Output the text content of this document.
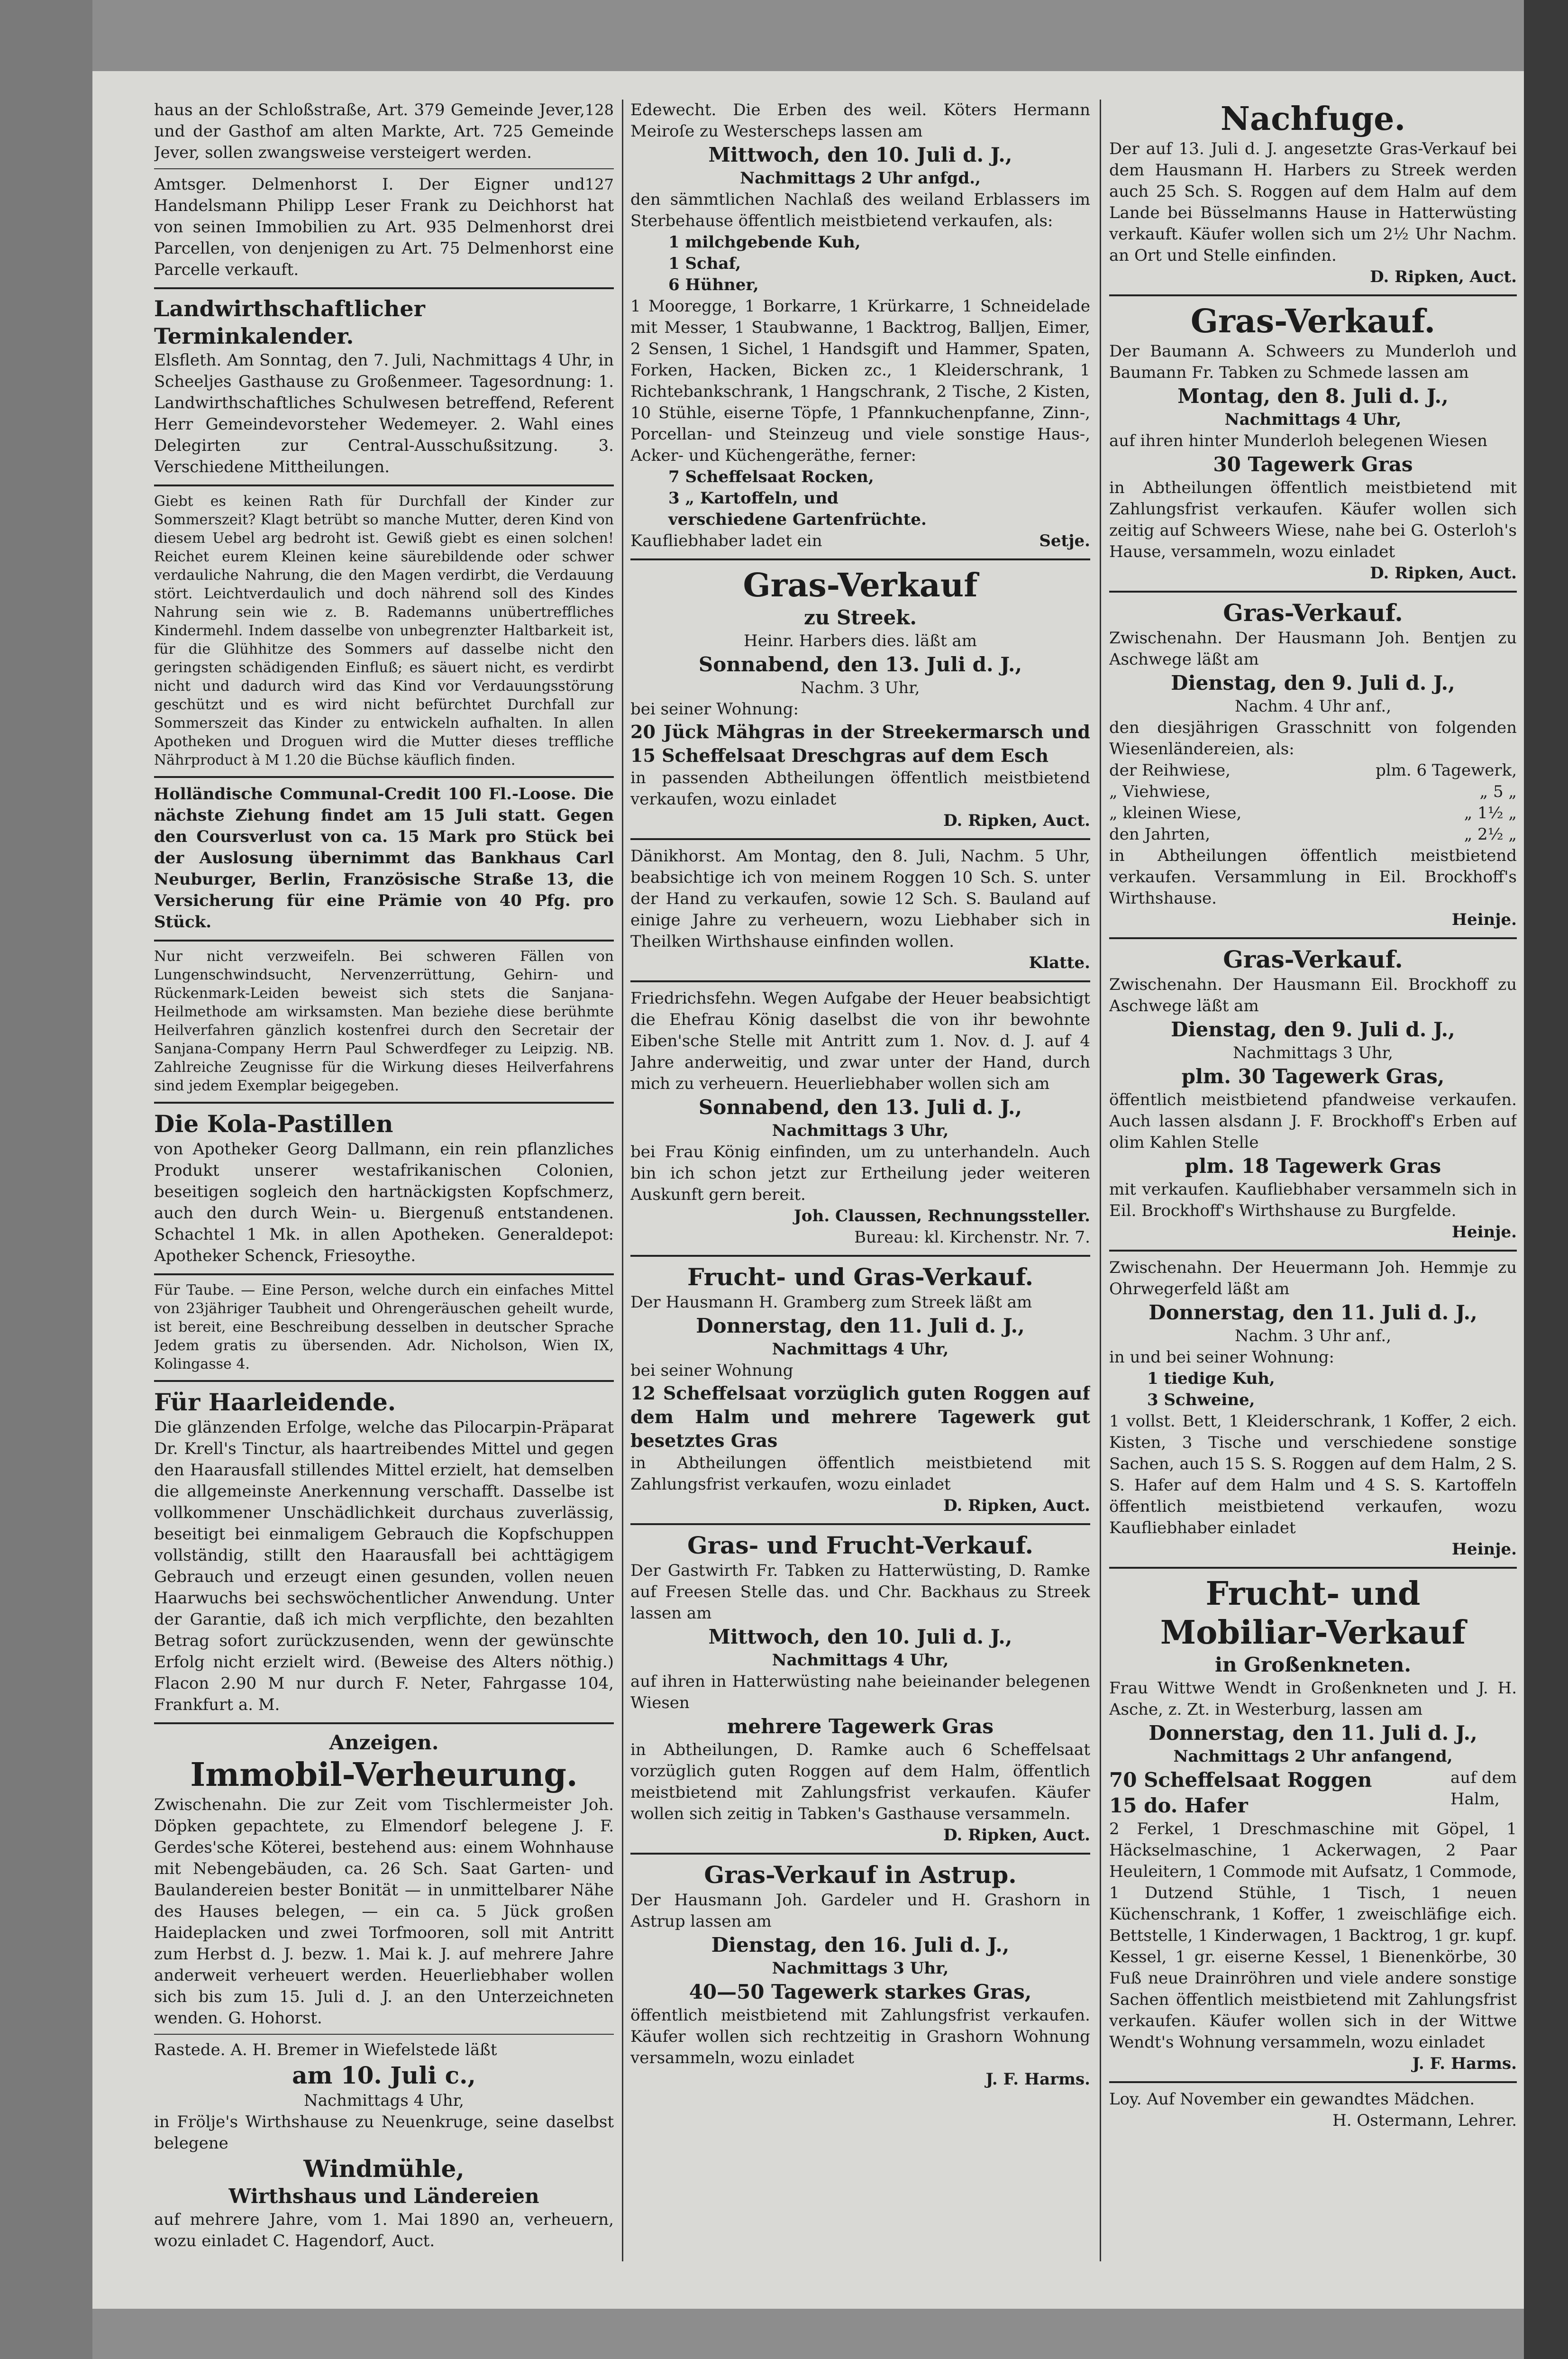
128
haus an der Schloßstraße, Art. 379 Gemeinde Jever, und der Gasthof am alten Markte, Art. 725 Gemeinde Jever, sollen zwangsweise versteigert werden.

127
Amtsger. Delmenhorst I. Der Eigner und Handelsmann Philipp Leser Frank zu Deichhorst hat von seinen Immobilien zu Art. 935 Delmenhorst drei Parcellen, von denjenigen zu Art. 75 Delmenhorst eine Parcelle verkauft.

Landwirthschaftlicher Terminkalender.

Elsfleth. Am Sonntag, den 7. Juli, Nachmittags 4 Uhr, in Scheeljes Gasthause zu Großenmeer. Tagesordnung: 1. Landwirthschaftliches Schulwesen betreffend, Referent Herr Gemeindevorsteher Wedemeyer. 2. Wahl eines Delegirten zur Central-Ausschußsitzung. 3. Verschiedene Mittheilungen.

Giebt es keinen Rath für Durchfall der Kinder zur Sommerszeit? Klagt betrübt so manche Mutter, deren Kind von diesem Uebel arg bedroht ist. Gewiß giebt es einen solchen! Reichet eurem Kleinen keine säurebildende oder schwer verdauliche Nahrung, die den Magen verdirbt, die Verdauung stört. Leichtverdaulich und doch nährend soll des Kindes Nahrung sein wie z. B. Rademanns unübertreffliches Kindermehl. Indem dasselbe von unbegrenzter Haltbarkeit ist, für die Glühhitze des Sommers auf dasselbe nicht den geringsten schädigenden Einfluß; es säuert nicht, es verdirbt nicht und dadurch wird das Kind vor Verdauungsstörung geschützt und es wird nicht befürchtet Durchfall zur Sommerszeit das Kinder zu entwickeln aufhalten. In allen Apotheken und Droguen wird die Mutter dieses treffliche Nährproduct à M 1.20 die Büchse käuflich finden.

Holländische Communal-Credit 100 Fl.-Loose. Die nächste Ziehung findet am 15 Juli statt. Gegen den Coursverlust von ca. 15 Mark pro Stück bei der Auslosung übernimmt das Bankhaus Carl Neuburger, Berlin, Französische Straße 13, die Versicherung für eine Prämie von 40 Pfg. pro Stück.

Nur nicht verzweifeln. Bei schweren Fällen von Lungenschwindsucht, Nervenzerrüttung, Gehirn- und Rückenmark-Leiden beweist sich stets die Sanjana-Heilmethode am wirksamsten. Man beziehe diese berühmte Heilverfahren gänzlich kostenfrei durch den Secretair der Sanjana-Company Herrn Paul Schwerdfeger zu Leipzig. NB. Zahlreiche Zeugnisse für die Wirkung dieses Heilverfahrens sind jedem Exemplar beigegeben.

Die Kola-Pastillen

von Apotheker Georg Dallmann, ein rein pflanzliches Produkt unserer westafrikanischen Colonien, beseitigen sogleich den hartnäckigsten Kopfschmerz, auch den durch Wein- u. Biergenuß entstandenen. Schachtel 1 Mk. in allen Apotheken. Generaldepot: Apotheker Schenck, Friesoythe.

Für Taube. — Eine Person, welche durch ein einfaches Mittel von 23jähriger Taubheit und Ohrengeräuschen geheilt wurde, ist bereit, eine Beschreibung desselben in deutscher Sprache Jedem gratis zu übersenden. Adr. Nicholson, Wien IX, Kolingasse 4.

Für Haarleidende.

Die glänzenden Erfolge, welche das Pilocarpin-Präparat Dr. Krell's Tinctur, als haartreibendes Mittel und gegen den Haarausfall stillendes Mittel erzielt, hat demselben die allgemeinste Anerkennung verschafft. Dasselbe ist vollkommener Unschädlichkeit durchaus zuverlässig, beseitigt bei einmaligem Gebrauch die Kopfschuppen vollständig, stillt den Haarausfall bei achttägigem Gebrauch und erzeugt einen gesunden, vollen neuen Haarwuchs bei sechswöchentlicher Anwendung. Unter der Garantie, daß ich mich verpflichte, den bezahlten Betrag sofort zurückzusenden, wenn der gewünschte Erfolg nicht erzielt wird. (Beweise des Alters nöthig.) Flacon 2.90 M nur durch F. Neter, Fahrgasse 104, Frankfurt a. M.

Anzeigen.

Immobil-Verheurung.

Zwischenahn. Die zur Zeit vom Tischlermeister Joh. Döpken gepachtete, zu Elmendorf belegene J. F. Gerdes'sche Köterei, bestehend aus: einem Wohnhause mit Nebengebäuden, ca. 26 Sch. Saat Garten- und Baulandereien bester Bonität — in unmittelbarer Nähe des Hauses belegen, — ein ca. 5 Jück großen Haideplacken und zwei Torfmooren, soll mit Antritt zum Herbst d. J. bezw. 1. Mai k. J. auf mehrere Jahre anderweit verheuert werden. Heuerliebhaber wollen sich bis zum 15. Juli d. J. an den Unterzeichneten wenden. G. Hohorst.

Rastede. A. H. Bremer in Wiefelstede läßt

am 10. Juli c.,

Nachmittags 4 Uhr,

in Frölje's Wirthshause zu Neuenkruge, seine daselbst belegene

Windmühle,

Wirthshaus und Ländereien

auf mehrere Jahre, vom 1. Mai 1890 an, verheuern, wozu einladet C. Hagendorf, Auct.

Edewecht. Die Erben des weil. Köters Hermann Meiroſe zu Westerscheps lassen am

Mittwoch, den 10. Juli d. J.,

Nachmittags 2 Uhr anfgd.,

den sämmtlichen Nachlaß des weiland Erblassers im Sterbehause öffentlich meistbietend verkaufen, als:

1 milchgebende Kuh,

1 Schaf,

6 Hühner,

1 Mooregge, 1 Borkarre, 1 Krürkarre, 1 Schneidelade mit Messer, 1 Staubwanne, 1 Backtrog, Balljen, Eimer, 2 Sensen, 1 Sichel, 1 Handsgift und Hammer, Spaten, Forken, Hacken, Bicken zc., 1 Kleiderschrank, 1 Richtebankschrank, 1 Hangschrank, 2 Tische, 2 Kisten, 10 Stühle, eiserne Töpfe, 1 Pfannkuchenpfanne, Zinn-, Porcellan- und Steinzeug und viele sonstige Haus-, Acker- und Küchengeräthe, ferner:

7 Scheffelsaat Rocken,

3 „ Kartoffeln, und

verschiedene Gartenfrüchte.

Kaufliebhaber ladet ein	Setje.

Gras-Verkauf

zu Streek.

Heinr. Harbers dies. läßt am

Sonnabend, den 13. Juli d. J.,

Nachm. 3 Uhr,

bei seiner Wohnung:

20 Jück Mähgras in der Streekermarsch und 15 Scheffelsaat Dreschgras auf dem Esch

in passenden Abtheilungen öffentlich meistbietend verkaufen, wozu einladet

D. Ripken, Auct.

Dänikhorst. Am Montag, den 8. Juli, Nachm. 5 Uhr, beabsichtige ich von meinem Roggen 10 Sch. S. unter der Hand zu verkaufen, sowie 12 Sch. S. Bauland auf einige Jahre zu verheuern, wozu Liebhaber sich in Theilken Wirthshause einfinden wollen.

Klatte.

Friedrichsfehn. Wegen Aufgabe der Heuer beabsichtigt die Ehefrau König daselbst die von ihr bewohnte Eiben'sche Stelle mit Antritt zum 1. Nov. d. J. auf 4 Jahre anderweitig, und zwar unter der Hand, durch mich zu verheuern. Heuerliebhaber wollen sich am

Sonnabend, den 13. Juli d. J.,

Nachmittags 3 Uhr,

bei Frau König einfinden, um zu unterhandeln. Auch bin ich schon jetzt zur Ertheilung jeder weiteren Auskunft gern bereit.

Joh. Claussen, Rechnungssteller.

Bureau: kl. Kirchenstr. Nr. 7.

Frucht- und Gras-Verkauf.

Der Hausmann H. Gramberg zum Streek läßt am

Donnerstag, den 11. Juli d. J.,

Nachmittags 4 Uhr,

bei seiner Wohnung

12 Scheffelsaat vorzüglich guten Roggen auf dem Halm und mehrere Tagewerk gut besetztes Gras

in Abtheilungen öffentlich meistbietend mit Zahlungsfrist verkaufen, wozu einladet

D. Ripken, Auct.

Gras- und Frucht-Verkauf.

Der Gastwirth Fr. Tabken zu Hatterwüsting, D. Ramke auf Freesen Stelle das. und Chr. Backhaus zu Streek lassen am

Mittwoch, den 10. Juli d. J.,

Nachmittags 4 Uhr,

auf ihren in Hatterwüsting nahe beieinander belegenen Wiesen

mehrere Tagewerk Gras

in Abtheilungen, D. Ramke auch 6 Scheffelsaat vorzüglich guten Roggen auf dem Halm, öffentlich meistbietend mit Zahlungsfrist verkaufen. Käufer wollen sich zeitig in Tabken's Gasthause versammeln.

D. Ripken, Auct.

Gras-Verkauf in Astrup.

Der Hausmann Joh. Gardeler und H. Grashorn in Astrup lassen am

Dienstag, den 16. Juli d. J.,

Nachmittags 3 Uhr,

40—50 Tagewerk starkes Gras,

öffentlich meistbietend mit Zahlungsfrist verkaufen. Käufer wollen sich rechtzeitig in Grashorn Wohnung versammeln, wozu einladet

J. F. Harms.

Nachfuge.

Der auf 13. Juli d. J. angesetzte Gras-Verkauf bei dem Hausmann H. Harbers zu Streek werden auch 25 Sch. S. Roggen auf dem Halm auf dem Lande bei Büsselmanns Hause in Hatterwüsting verkauft. Käufer wollen sich um 2½ Uhr Nachm. an Ort und Stelle einfinden.

D. Ripken, Auct.

Gras-Verkauf.

Der Baumann A. Schweers zu Munderloh und Baumann Fr. Tabken zu Schmede lassen am

Montag, den 8. Juli d. J.,

Nachmittags 4 Uhr,

auf ihren hinter Munderloh belegenen Wiesen

30 Tagewerk Gras

in Abtheilungen öffentlich meistbietend mit Zahlungsfrist verkaufen. Käufer wollen sich zeitig auf Schweers Wiese, nahe bei G. Osterloh's Hause, versammeln, wozu einladet

D. Ripken, Auct.

Gras-Verkauf.

Zwischenahn. Der Hausmann Joh. Bentjen zu Aschwege läßt am

Dienstag, den 9. Juli d. J.,

Nachm. 4 Uhr anf.,

den diesjährigen Grasschnitt von folgenden Wiesenländereien, als:

der Reihwiese,	plm. 6 Tagewerk,

„ Viehwiese,	„ 5 „

„ kleinen Wiese,	„ 1½ „

den Jahrten,	„ 2½ „

in Abtheilungen öffentlich meistbietend verkaufen. Versammlung in Eil. Brockhoff's Wirthshause.

Heinje.

Gras-Verkauf.

Zwischenahn. Der Hausmann Eil. Brockhoff zu Aschwege läßt am

Dienstag, den 9. Juli d. J.,

Nachmittags 3 Uhr,

plm. 30 Tagewerk Gras,

öffentlich meistbietend pfandweise verkaufen. Auch lassen alsdann J. F. Brockhoff's Erben auf olim Kahlen Stelle

plm. 18 Tagewerk Gras

mit verkaufen. Kaufliebhaber versammeln sich in Eil. Brockhoff's Wirthshause zu Burgfelde.

Heinje.

Zwischenahn. Der Heuermann Joh. Hemmje zu Ohrwegerfeld läßt am

Donnerstag, den 11. Juli d. J.,

Nachm. 3 Uhr anf.,

in und bei seiner Wohnung:

1 tiedige Kuh,

3 Schweine,

1 vollst. Bett, 1 Kleiderschrank, 1 Koffer, 2 eich. Kisten, 3 Tische und verschiedene sonstige Sachen, auch 15 S. S. Roggen auf dem Halm, 2 S. S. Hafer auf dem Halm und 4 S. S. Kartoffeln öffentlich meistbietend verkaufen, wozu Kaufliebhaber einladet

Heinje.

Frucht- und

Mobiliar-Verkauf

in Großenkneten.

Frau Wittwe Wendt in Großenkneten und J. H. Asche, z. Zt. in Westerburg, lassen am

Donnerstag, den 11. Juli d. J.,

Nachmittags 2 Uhr anfangend,

70 Scheffelsaat Roggen

15 do. Hafer

auf dem Halm,

2 Ferkel, 1 Dreschmaschine mit Göpel, 1 Häckselmaschine, 1 Ackerwagen, 2 Paar Heuleitern, 1 Commode mit Aufsatz, 1 Commode, 1 Dutzend Stühle, 1 Tisch, 1 neuen Küchenschrank, 1 Koffer, 1 zweischläfige eich. Bettstelle, 1 Kinderwagen, 1 Backtrog, 1 gr. kupf. Kessel, 1 gr. eiserne Kessel, 1 Bienenkörbe, 30 Fuß neue Drainröhren und viele andere sonstige Sachen öffentlich meistbietend mit Zahlungsfrist verkaufen. Käufer wollen sich in der Wittwe Wendt's Wohnung versammeln, wozu einladet

J. F. Harms.

Loy. Auf November ein gewandtes Mädchen.

H. Ostermann, Lehrer.
